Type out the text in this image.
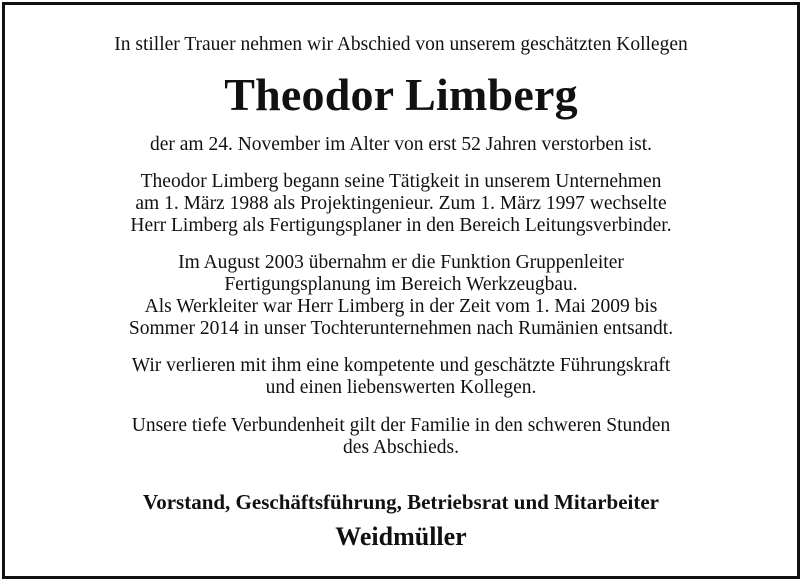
In stiller Trauer nehmen wir Abschied von unserem geschätzten Kollegen
Theodor Limberg
der am 24. November im Alter von erst 52 Jahren verstorben ist.
Theodor Limberg begann seine Tätigkeit in unserem Unternehmen
am 1. März 1988 als Projektingenieur. Zum 1. März 1997 wechselte
Herr Limberg als Fertigungsplaner in den Bereich Leitungsverbinder.
Im August 2003 übernahm er die Funktion Gruppenleiter
Fertigungsplanung im Bereich Werkzeugbau.
Als Werkleiter war Herr Limberg in der Zeit vom 1. Mai 2009 bis
Sommer 2014 in unser Tochterunternehmen nach Rumänien entsandt.
Wir verlieren mit ihm eine kompetente und geschätzte Führungskraft
und einen liebenswerten Kollegen.
Unsere tiefe Verbundenheit gilt der Familie in den schweren Stunden
des Abschieds.
Vorstand, Geschäftsführung, Betriebsrat und Mitarbeiter
Weidmüller
